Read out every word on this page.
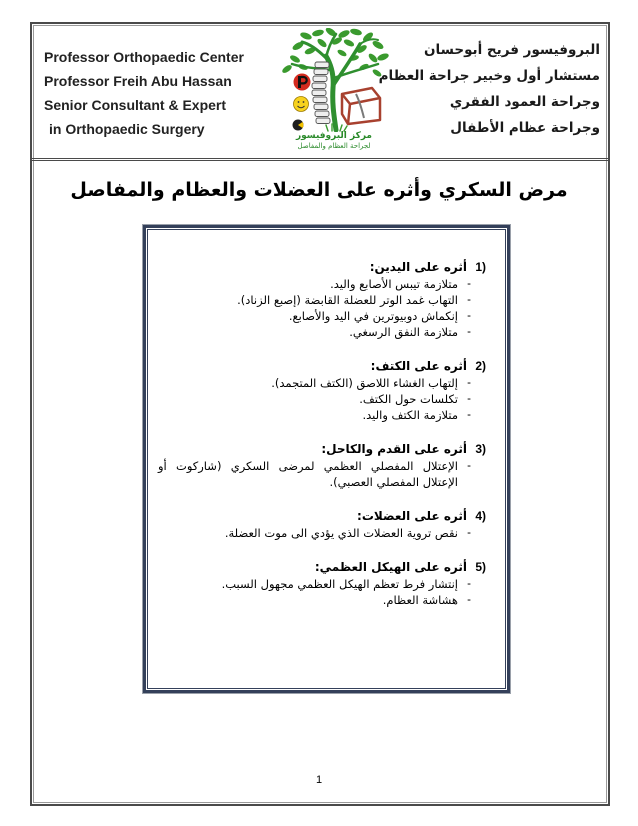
Professor Orthopaedic Center
Professor Freih Abu Hassan
Senior Consultant & Expert
in Orthopaedic Surgery	مركز البروفيسور
لجراحة العظام والمفاصل
البروفيسور فريح أبوحسان
مستشار أول وخبير جراحة العظام
وجراحة العمود الفقري
وجراحة عظام الأطفال
مرض السكري وأثره على العضلات والعظام والمفاصل
1)
أثره على اليدين:
-
متلازمة تيبس الأصابع واليد.
-
التهاب غمد الوتر للعضلة القابضة (إصبع الزناد).
-
إنكماش دوبيوترين في اليد والأصابع.
-
متلازمة النفق الرسغي.
2)
أثره على الكتف:
-
إلتهاب الغشاء اللاصق (الكتف المتجمد).
-
تكلسات حول الكتف.
-
متلازمة الكتف واليد.
3)
أثره على القدم والكاحل:
-
الإعتلال المفصلي العظمي لمرضى السكري (شاركوت أو الإعتلال المفصلي العصبي).
4)
أثره على العضلات:
-
نقص تروية العضلات الذي يؤدي الى موت العضلة.
5)
أثره على الهيكل العظمي:
-
إنتشار فرط تعظم الهيكل العظمي مجهول السبب.
-
هشاشة العظام.
1
